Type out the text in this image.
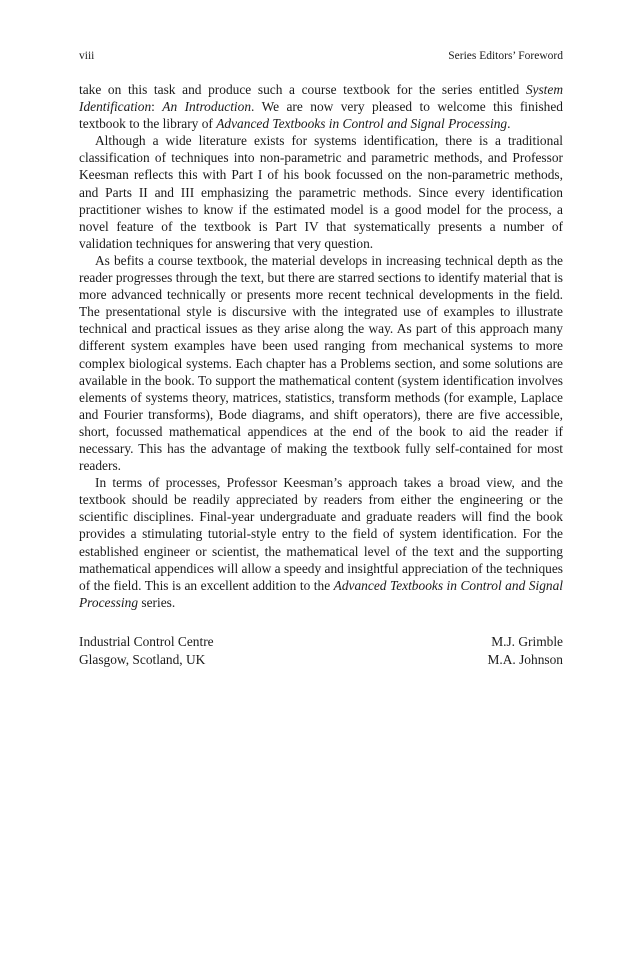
viii	Series Editors’ Foreword

take on this task and produce such a course textbook for the series entitled System Identification: An Introduction. We are now very pleased to welcome this finished textbook to the library of Advanced Textbooks in Control and Signal Processing.

Although a wide literature exists for systems identification, there is a traditional classification of techniques into non-parametric and parametric methods, and Professor Keesman reflects this with Part I of his book focussed on the non-parametric methods, and Parts II and III emphasizing the parametric methods. Since every identification practitioner wishes to know if the estimated model is a good model for the process, a novel feature of the textbook is Part IV that systematically presents a number of validation techniques for answering that very question.

As befits a course textbook, the material develops in increasing technical depth as the reader progresses through the text, but there are starred sections to identify material that is more advanced technically or presents more recent technical developments in the field. The presentational style is discursive with the integrated use of examples to illustrate technical and practical issues as they arise along the way. As part of this approach many different system examples have been used ranging from mechanical systems to more complex biological systems. Each chapter has a Problems section, and some solutions are available in the book. To support the mathematical content (system identification involves elements of systems theory, matrices, statistics, transform methods (for example, Laplace and Fourier transforms), Bode diagrams, and shift operators), there are five accessible, short, focussed mathematical appendices at the end of the book to aid the reader if necessary. This has the advantage of making the textbook fully self-contained for most readers.

In terms of processes, Professor Keesman’s approach takes a broad view, and the textbook should be readily appreciated by readers from either the engineering or the scientific disciplines. Final-year undergraduate and graduate readers will find the book provides a stimulating tutorial-style entry to the field of system identification. For the established engineer or scientist, the mathematical level of the text and the supporting mathematical appendices will allow a speedy and insightful appreciation of the techniques of the field. This is an excellent addition to the Advanced Textbooks in Control and Signal Processing series.

Industrial Control Centre	M.J. Grimble
Glasgow, Scotland, UK	M.A. Johnson
